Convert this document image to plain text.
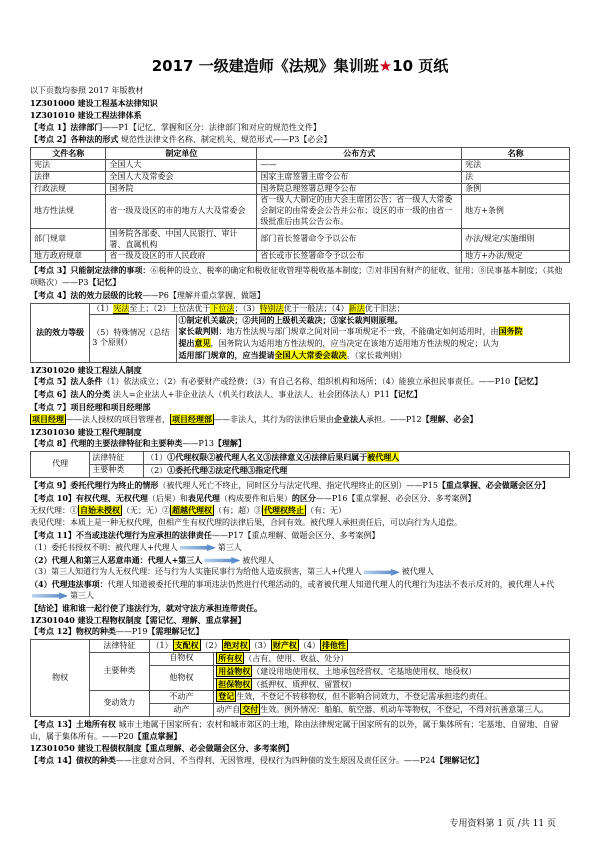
2017 一级建造师《法规》集训班★10 页纸
以下页数均参照 2017 年版教材
1Z301000 建设工程基本法律知识
1Z301010 建设工程法律体系
【考点 1】法律部门——P1【记忆、掌握和区分：法律部门和对应的规范性文件】
【考点 2】各种法的形式 规范性法律文件名称、制定机关、规范形式——P3【必会】
文件名称	制定单位	公布方式	名称
宪法	全国人大	——	宪法
法律	全国人大及常委会	国家主席签署主席令公布	法
行政法规	国务院	国务院总理签署总理令公布	条例
地方性法规	省一级及设区的市的地方人大及常委会	省一级人大制定的由大会主席团公告；省一级人大常委会制定的由常委会公告并公布；设区的市一级的由省一级批准后由其公告公布。	地方+条例
部门规章	国务院各部委、中国人民银行、审计署、直属机构	部门首长签署命令予以公布	办法/规定/实施细则
地方政府规章	省一级及设区的市人民政府	省长或市长签署命令予以公布	地方+办法/规定
【考点 3】只能制定法律的事项：⑥税种的设立、税率的确定和税收征收管理等税收基本制度；⑦对非国有财产的征收、征用；⑧民事基本制度；（其他项略次）——P3【记忆】
【考点 4】法的效力层级的比较——P6【理解并重点掌握、做题】
法的效力等级	（1）宪法至上；（2）上位法优于下位法；（3）特别法优于一般法；（4）新法优于旧法；	
	（5）特殊情况（总结 3 个原则）	①制定机关裁决；②共同的上级机关裁决；③家长裁判则原理。
家长裁判则：地方性法规与部门规章之间对同一事项规定不一致，不能确定如何适用时，由国务院
提出意见，国务院认为适用地方性法规的，应当决定在该地方适用地方性法规的规定；认为
适用部门规章的，应当提请全国人大常委会裁决。（家长裁判则）
1Z301020 建设工程法人制度
【考点 5】法人条件（1）依法成立；（2）有必要财产或经费；（3）有自己名称、组织机构和场所；（4）能独立承担民事责任。——P10【记忆】
【考点 6】法人的分类 法人=企业法人+非企业法人（机关行政法人、事业法人、社会团体法人）P11【记忆】
【考点 7】项目经理和项目经理部
项目经理 ——法人授权的项目管理者， 项目经理部 ——非法人，其行为的法律后果由企业法人承担。——P12【理解、必会】
1Z301030 建设工程代理制度
【考点 8】代理的主要法律特征和主要种类——P13【理解】
代理	法律特征	（1）①代理权限②被代理人名义③法律意义④法律后果归属于被代理人
	主要种类	（2）①委托代理②法定代理③指定代理
【考点 9】委托代理行为终止的情形（被代理人死亡不终止，同时区分与法定代理、指定代理终止的区别）——P15【重点掌握、必会做题会区分】
【考点 10】有权代理、无权代理（后果）和表见代理（构成要件和后果）的区分——P16【重点掌握、必会区分、多考案例】
无权代理：① 自始未授权 （无；无）② 超越代理权 （有；超）③ 代理权终止 （有；无）
表见代理：本质上是一种无权代理，但相产生有权代理的法律后果，合同有效。被代理人承担责任后，可以向行为人追偿。
【考点 11】不当或违法代理行为应承担的法律责任——P17【重点理解、做题会区分、多考案例】
（1）委托书授权不明：被代理人+代理人	第三人
（2）代理人和第三人恶意串通：代理人+第三人	被代理人
（3）第三人知道行为人无权代理：还与行为人实施民事行为给他人造成损害，第三人+代理人	被代理人
（4）代理违法事项：代理人知道被委托代理的事项违法仍然进行代理活动的，或者被代理人知道代理人的代理行为违法不表示反对的，被代理人+代第三人
【结论】谁和谁一起行使了违法行为，就对守法方承担连带责任。
1Z301040 建设工程物权制度【需记忆、理解、重点掌握】
【考点 12】物权的种类——P19【需理解记忆】
物权	法律特征	（1） 支配权 （2） 绝对权 （3） 财产权 （4） 排他性	
	主要种类	自物权	所有权 （占有、使用、收益、处分）
		他物权	用益物权 （建设用地使用权、土地承包经营权、宅基地使用权、地役权）
			担保物权 （抵押权、质押权、留置权）
	变动效力	不动产	登记 生效，不登记不转移物权，但不影响合同效力，不登记需承担违约责任。
		动产	动产自 交付 生效。例外情况：船舶、航空器、机动车等物权，不登记，不得对抗善意第三人。
【考点 13】土地所有权 城市土地属于国家所有；农村和城市郊区的土地，除由法律规定属于国家所有的以外，属于集体所有；宅基地、自留地、自留山，属于集体所有。——P20【重点掌握】
1Z301050 建设工程债权制度【重点理解、必会做题会区分、多考案例】
【考点 14】债权的种类——注意对合同、不当得利、无因管理、侵权行为四种债的发生原因及责任区分。——P24【理解记忆】
专用资料第 1 页 /共 11 页
